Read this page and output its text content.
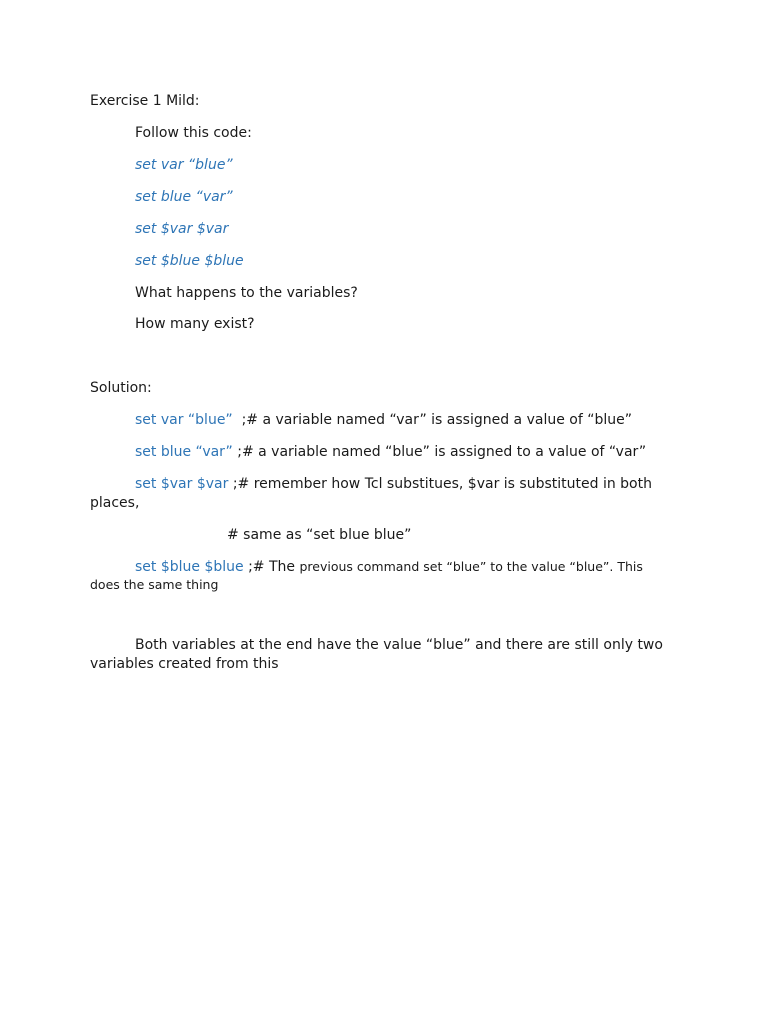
Exercise 1 Mild:
Follow this code:
set var “blue”
set blue “var”
set $var $var
set $blue $blue
What happens to the variables?
How many exist?
Solution:
set var “blue” ;# a variable named “var” is assigned a value of “blue”
set blue “var” ;# a variable named “blue” is assigned to a value of “var”
set $var $var ;# remember how Tcl substitues, $var is substituted in both
places,
# same as “set blue blue”
set $blue $blue ;# The previous command set “blue” to the value “blue”. This
does the same thing
Both variables at the end have the value “blue” and there are still only two
variables created from this
